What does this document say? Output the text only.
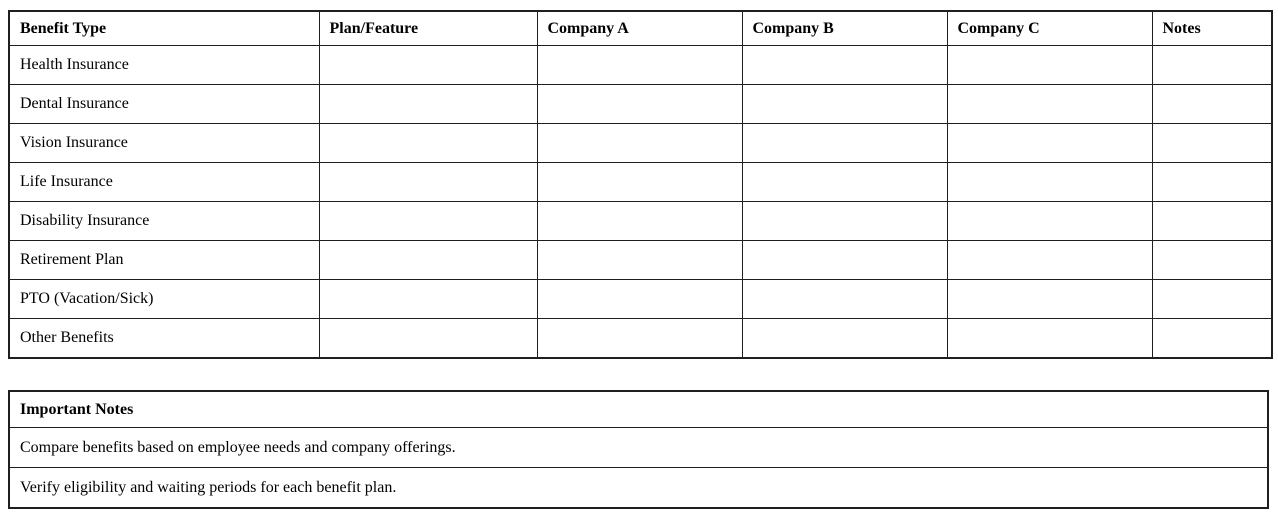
Benefit Type	Plan/Feature	Company A	Company B	Company C	Notes
Health Insurance					
Dental Insurance					
Vision Insurance					
Life Insurance					
Disability Insurance					
Retirement Plan					
PTO (Vacation/Sick)					
Other Benefits					
Important Notes
Compare benefits based on employee needs and company offerings.
Verify eligibility and waiting periods for each benefit plan.
